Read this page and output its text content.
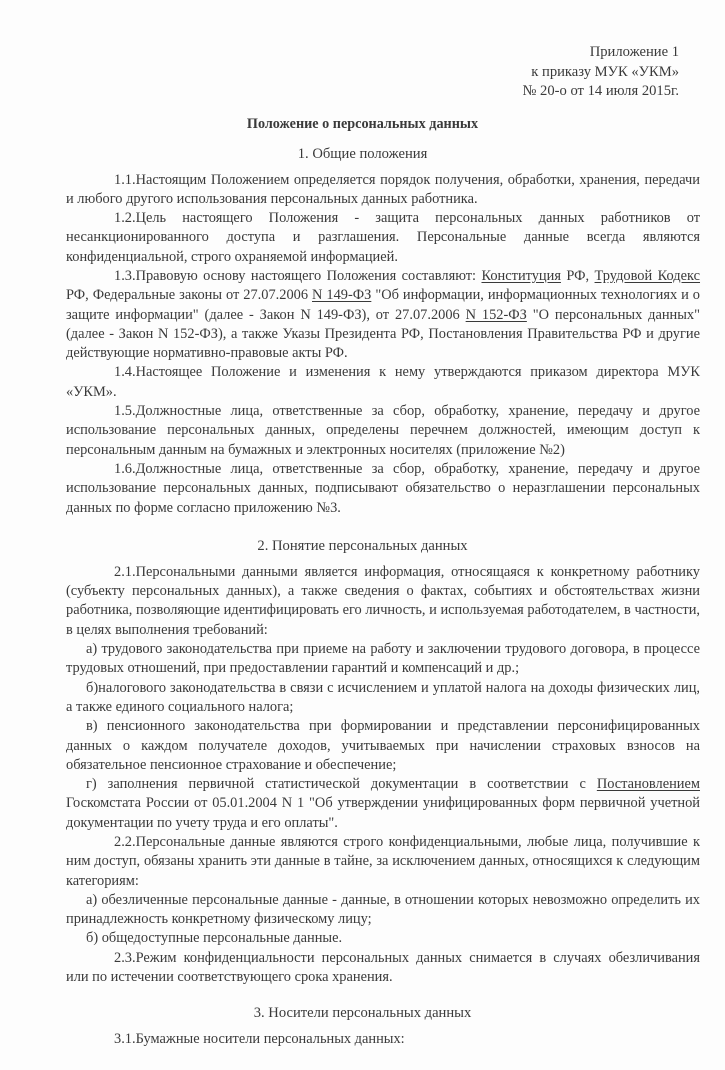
Приложение 1
к приказу МУК «УКМ»
№ 20-о от 14 июля 2015г.
Положение о персональных данных
1. Общие положения

1.1.Настоящим Положением определяется порядок получения, обработки, хранения, передачи и любого другого использования персональных данных работника.

1.2.Цель настоящего Положения - защита персональных данных работников от несанкционированного доступа и разглашения. Персональные данные всегда являются конфиденциальной, строго охраняемой информацией.

1.3.Правовую основу настоящего Положения составляют: Конституция РФ, Трудовой Кодекс РФ, Федеральные законы от 27.07.2006 N 149-ФЗ "Об информации, информационных технологиях и о защите информации" (далее - Закон N 149-ФЗ), от 27.07.2006 N 152-ФЗ "О персональных данных" (далее - Закон N 152-ФЗ), а также Указы Президента РФ, Постановления Правительства РФ и другие действующие нормативно-правовые акты РФ.

1.4.Настоящее Положение и изменения к нему утверждаются приказом директора МУК «УКМ».

1.5.Должностные лица, ответственные за сбор, обработку, хранение, передачу и другое использование персональных данных, определены перечнем должностей, имеющим доступ к персональным данным на бумажных и электронных носителях (приложение №2)

1.6.Должностные лица, ответственные за сбор, обработку, хранение, передачу и другое использование персональных данных, подписывают обязательство о неразглашении персональных данных по форме согласно приложению №3.

2. Понятие персональных данных

2.1.Персональными данными является информация, относящаяся к конкретному работнику (субъекту персональных данных), а также сведения о фактах, событиях и обстоятельствах жизни работника, позволяющие идентифицировать его личность, и используемая работодателем, в частности, в целях выполнения требований:

а) трудового законодательства при приеме на работу и заключении трудового договора, в процессе трудовых отношений, при предоставлении гарантий и компенсаций и др.;

б)налогового законодательства в связи с исчислением и уплатой налога на доходы физических лиц, а также единого социального налога;

в) пенсионного законодательства при формировании и представлении персонифицированных данных о каждом получателе доходов, учитываемых при начислении страховых взносов на обязательное пенсионное страхование и обеспечение;

г) заполнения первичной статистической документации в соответствии с Постановлением Госкомстата России от 05.01.2004 N 1 "Об утверждении унифицированных форм первичной учетной документации по учету труда и его оплаты".

2.2.Персональные данные являются строго конфиденциальными, любые лица, получившие к ним доступ, обязаны хранить эти данные в тайне, за исключением данных, относящихся к следующим категориям:

а) обезличенные персональные данные - данные, в отношении которых невозможно определить их принадлежность конкретному физическому лицу;

б) общедоступные персональные данные.

2.3.Режим конфиденциальности персональных данных снимается в случаях обезличивания или по истечении соответствующего срока хранения.

3. Носители персональных данных

3.1.Бумажные носители персональных данных:
